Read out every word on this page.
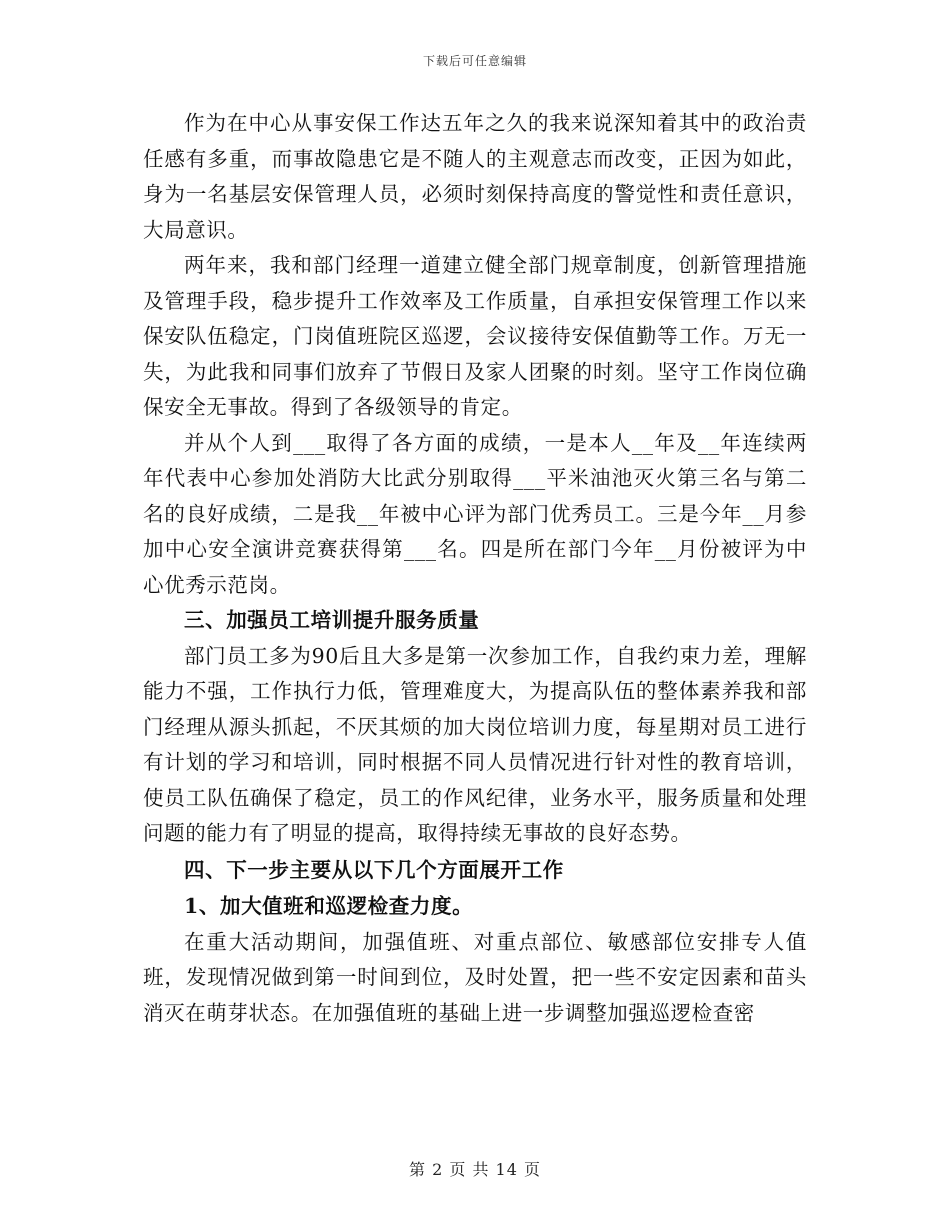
下载后可任意编辑

作为在中心从事安保工作达五年之久的我来说深知着其中的政治责任感有多重，而事故隐患它是不随人的主观意志而改变，正因为如此，身为一名基层安保管理人员，必须时刻保持高度的警觉性和责任意识，大局意识。

两年来，我和部门经理一道建立健全部门规章制度，创新管理措施及管理手段，稳步提升工作效率及工作质量，自承担安保管理工作以来保安队伍稳定，门岗值班院区巡逻，会议接待安保值勤等工作。万无一失，为此我和同事们放弃了节假日及家人团聚的时刻。坚守工作岗位确保安全无事故。得到了各级领导的肯定。

并从个人到___取得了各方面的成绩，一是本人__年及__年连续两年代表中心参加处消防大比武分别取得___平米油池灭火第三名与第二名的良好成绩，二是我__年被中心评为部门优秀员工。三是今年__月参加中心安全演讲竞赛获得第___名。四是所在部门今年__月份被评为中心优秀示范岗。

三、加强员工培训提升服务质量

部门员工多为90后且大多是第一次参加工作，自我约束力差，理解能力不强，工作执行力低，管理难度大，为提高队伍的整体素养我和部门经理从源头抓起，不厌其烦的加大岗位培训力度，每星期对员工进行有计划的学习和培训，同时根据不同人员情况进行针对性的教育培训，使员工队伍确保了稳定，员工的作风纪律，业务水平，服务质量和处理问题的能力有了明显的提高，取得持续无事故的良好态势。

四、下一步主要从以下几个方面展开工作

1、加大值班和巡逻检查力度。

在重大活动期间，加强值班、对重点部位、敏感部位安排专人值班，发现情况做到第一时间到位，及时处置，把一些不安定因素和苗头消灭在萌芽状态。在加强值班的基础上进一步调整加强巡逻检查密

第 2 页 共 14 页
